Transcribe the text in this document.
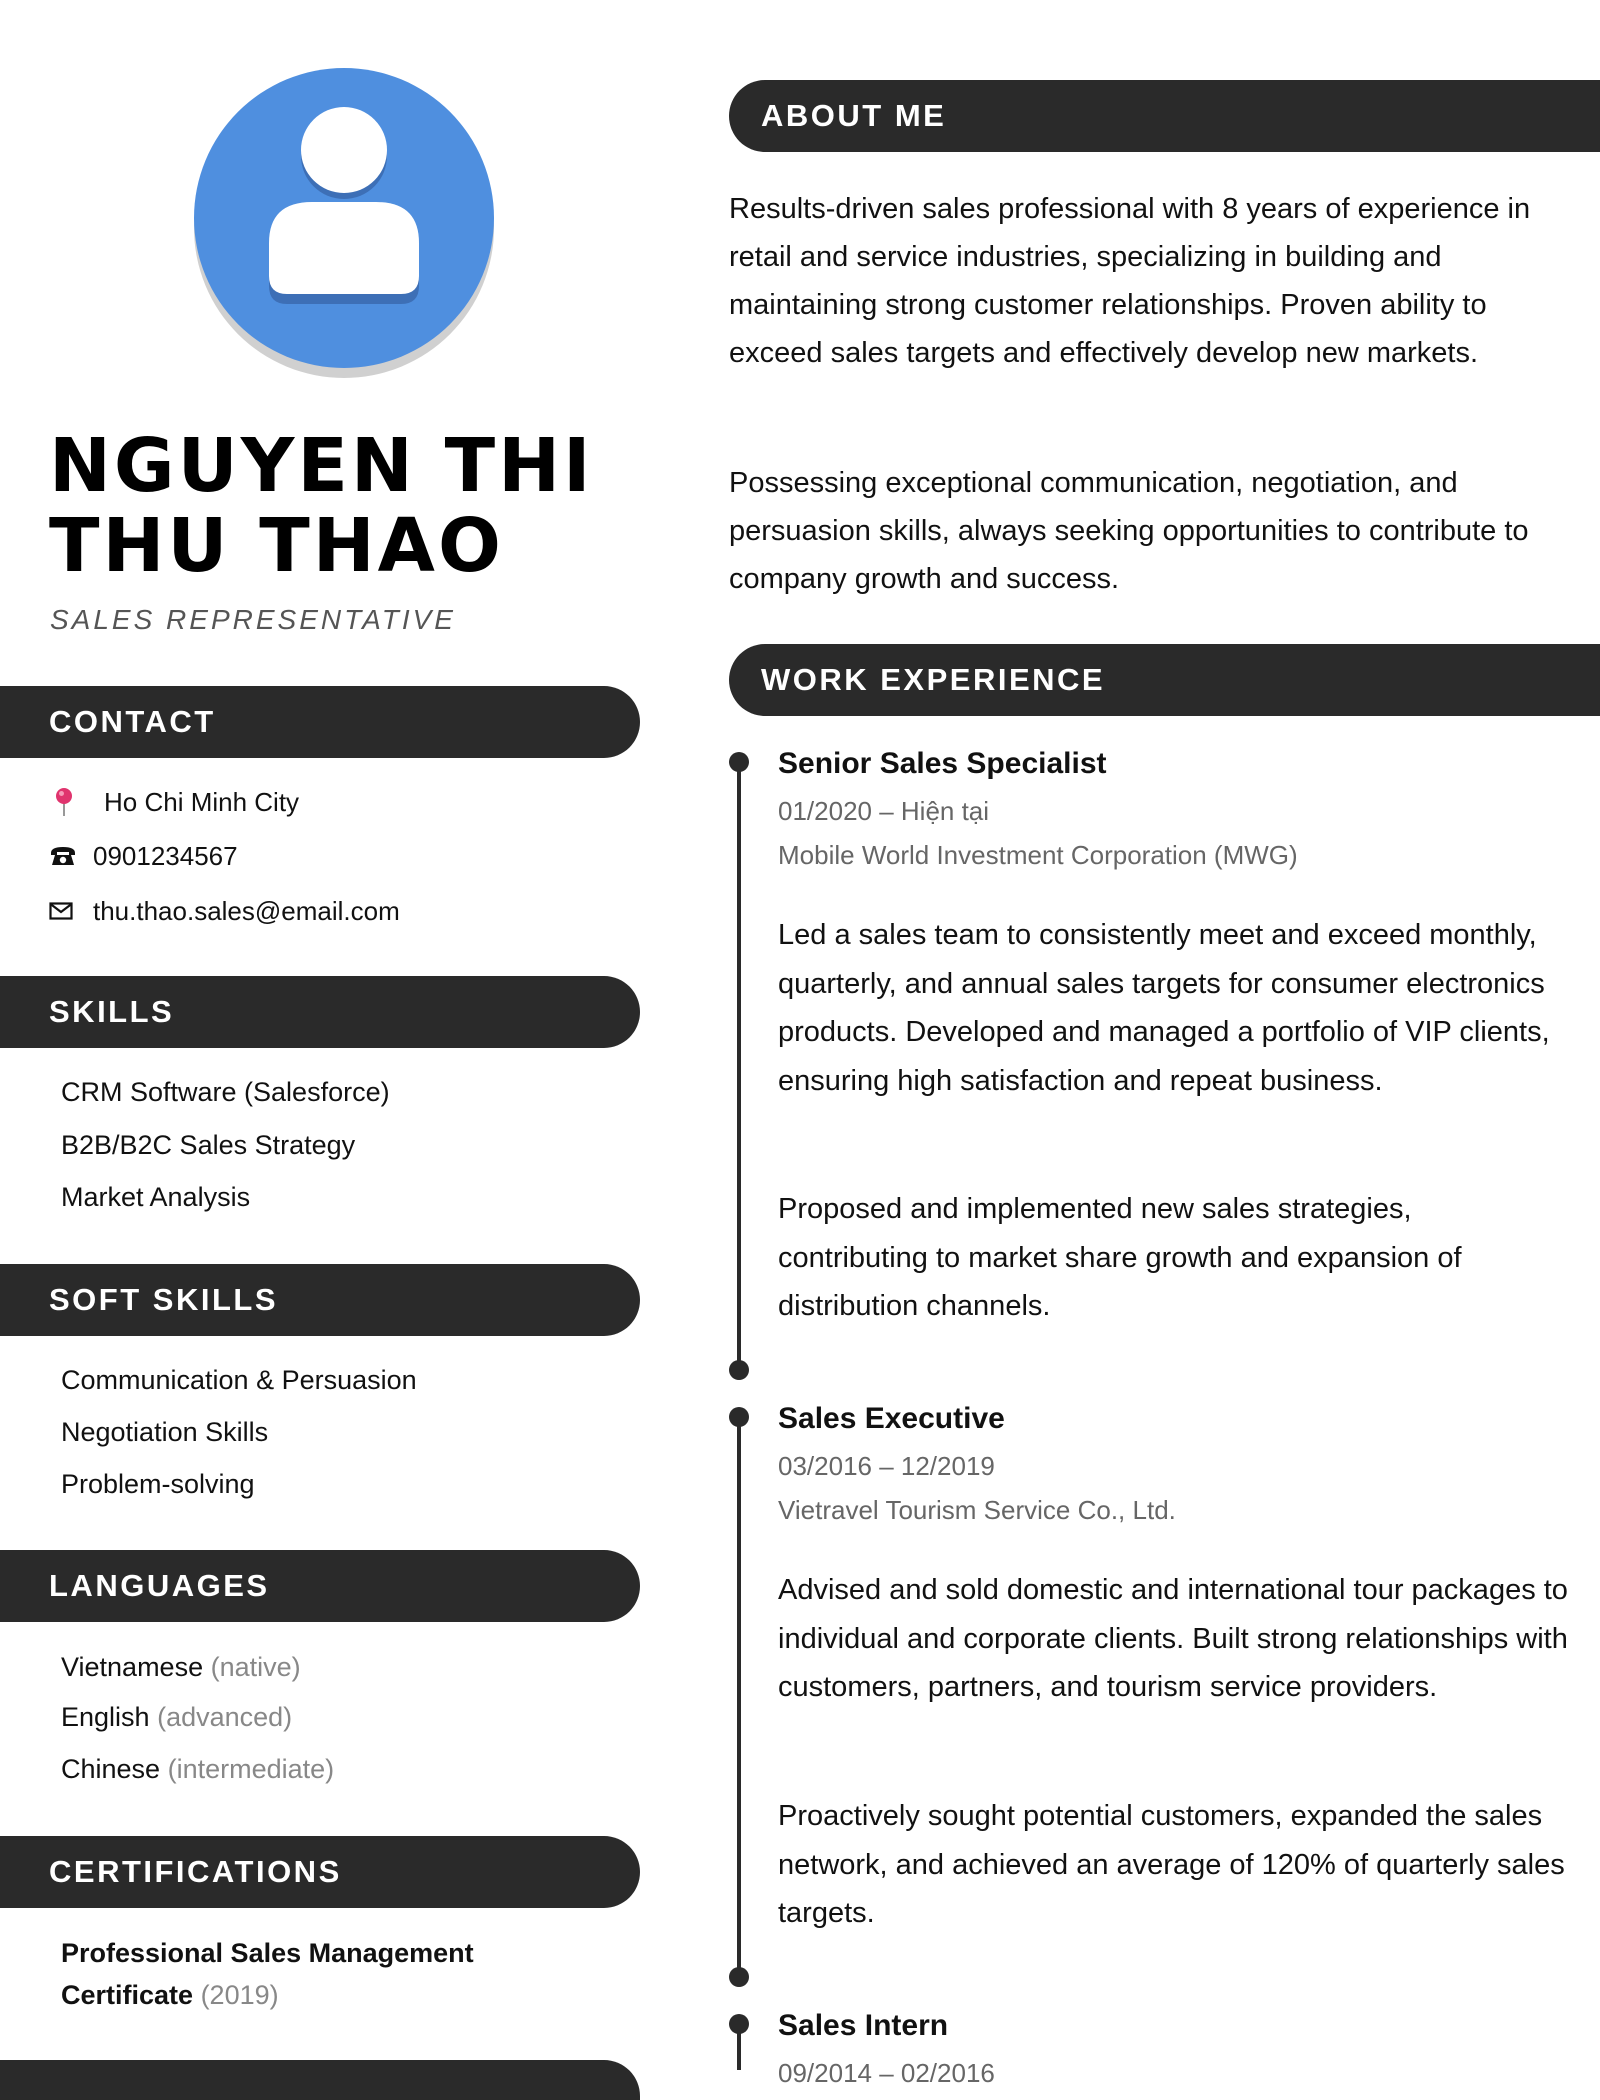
NGUYEN THI
THU THAO
SALES REPRESENTATIVE
CONTACT
Ho Chi Minh City
0901234567
thu.thao.sales@email.com
SKILLS
CRM Software (Salesforce)
B2B/B2C Sales Strategy
Market Analysis
SOFT SKILLS
Communication & Persuasion
Negotiation Skills
Problem-solving
LANGUAGES
Vietnamese (native)
English (advanced)
Chinese (intermediate)
CERTIFICATIONS
Professional Sales Management Certificate (2019)
ABOUT ME

Results-driven sales professional with 8 years of experience in retail and service industries, specializing in building and maintaining strong customer relationships. Proven ability to exceed sales targets and effectively develop new markets.

Possessing exceptional communication, negotiation, and persuasion skills, always seeking opportunities to contribute to company growth and success.

WORK EXPERIENCE
Senior Sales Specialist
01/2020 – Hiện tại
Mobile World Investment Corporation (MWG)

Led a sales team to consistently meet and exceed monthly, quarterly, and annual sales targets for consumer electronics products. Developed and managed a portfolio of VIP clients, ensuring high satisfaction and repeat business.

Proposed and implemented new sales strategies, contributing to market share growth and expansion of distribution channels.

Sales Executive
03/2016 – 12/2019
Vietravel Tourism Service Co., Ltd.

Advised and sold domestic and international tour packages to individual and corporate clients. Built strong relationships with customers, partners, and tourism service providers.

Proactively sought potential customers, expanded the sales network, and achieved an average of 120% of quarterly sales targets.

Sales Intern
09/2014 – 02/2016
